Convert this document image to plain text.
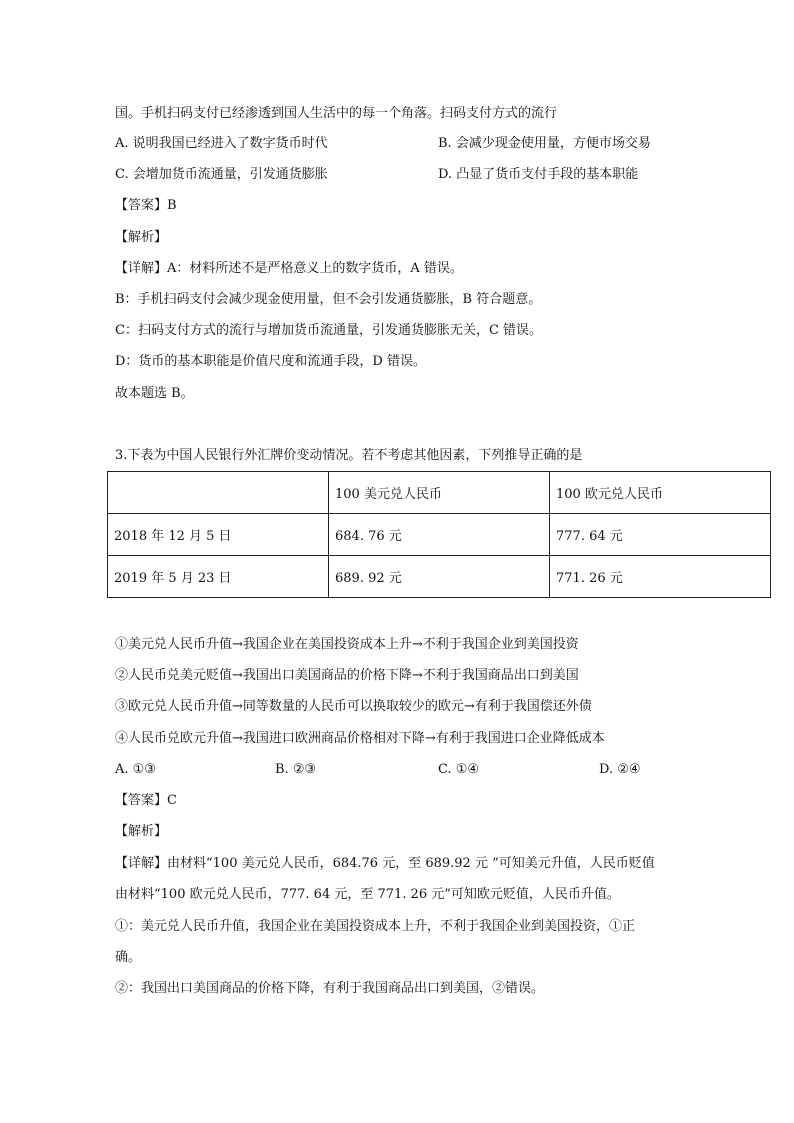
国。手机扫码支付已经渗透到国人生活中的每一个角落。扫码支付方式的流行
A. 说明我国已经进入了数字货币时代	B. 会减少现金使用量，方便市场交易
C. 会增加货币流通量，引发通货膨胀	D. 凸显了货币支付手段的基本职能
【答案】B
【解析】
【详解】A：材料所述不是严格意义上的数字货币，A 错误。
B：手机扫码支付会减少现金使用量，但不会引发通货膨胀，B 符合题意。
C：扫码支付方式的流行与增加货币流通量，引发通货膨胀无关，C 错误。
D：货币的基本职能是价值尺度和流通手段，D 错误。
故本题选 B。
3.下表为中国人民银行外汇牌价变动情况。若不考虑其他因素，下列推导正确的是
	100 美元兑人民币	100 欧元兑人民币
2018 年 12 月 5 日	684. 76 元	777. 64 元
2019 年 5 月 23 日	689. 92 元	771. 26 元
①美元兑人民币升值→我国企业在美国投资成本上升→不利于我国企业到美国投资
②人民币兑美元贬值→我国出口美国商品的价格下降→不利于我国商品出口到美国
③欧元兑人民币升值→同等数量的人民币可以换取较少的欧元→有利于我国偿还外债
④人民币兑欧元升值→我国进口欧洲商品价格相对下降→有利于我国进口企业降低成本
A. ①③	B. ②③	C. ①④	D. ②④
【答案】C
【解析】
【详解】由材料“100 美元兑人民币，684.76 元，至 689.92 元 ”可知美元升值，人民币贬值
由材料“100 欧元兑人民币，777. 64 元，至 771. 26 元”可知欧元贬值，人民币升值。
①：美元兑人民币升值，我国企业在美国投资成本上升，不利于我国企业到美国投资，①正
确。
②：我国出口美国商品的价格下降，有利于我国商品出口到美国，②错误。
